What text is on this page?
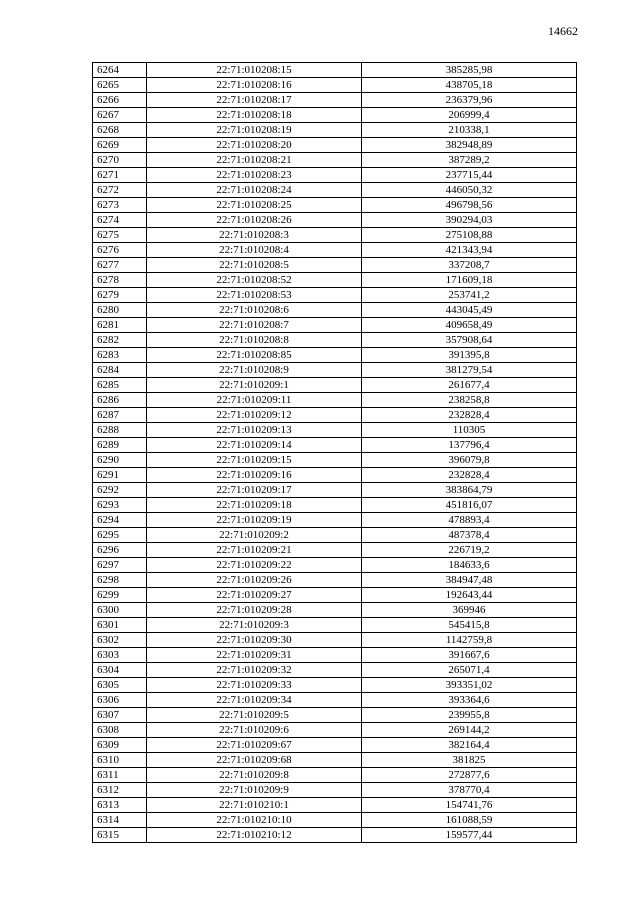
14662
6264	22:71:010208:15	385285,98
6265	22:71:010208:16	438705,18
6266	22:71:010208:17	236379,96
6267	22:71:010208:18	206999,4
6268	22:71:010208:19	210338,1
6269	22:71:010208:20	382948,89
6270	22:71:010208:21	387289,2
6271	22:71:010208:23	237715,44
6272	22:71:010208:24	446050,32
6273	22:71:010208:25	496798,56
6274	22:71:010208:26	390294,03
6275	22:71:010208:3	275108,88
6276	22:71:010208:4	421343,94
6277	22:71:010208:5	337208,7
6278	22:71:010208:52	171609,18
6279	22:71:010208:53	253741,2
6280	22:71:010208:6	443045,49
6281	22:71:010208:7	409658,49
6282	22:71:010208:8	357908,64
6283	22:71:010208:85	391395,8
6284	22:71:010208:9	381279,54
6285	22:71:010209:1	261677,4
6286	22:71:010209:11	238258,8
6287	22:71:010209:12	232828,4
6288	22:71:010209:13	110305
6289	22:71:010209:14	137796,4
6290	22:71:010209:15	396079,8
6291	22:71:010209:16	232828,4
6292	22:71:010209:17	383864,79
6293	22:71:010209:18	451816,07
6294	22:71:010209:19	478893,4
6295	22:71:010209:2	487378,4
6296	22:71:010209:21	226719,2
6297	22:71:010209:22	184633,6
6298	22:71:010209:26	384947,48
6299	22:71:010209:27	192643,44
6300	22:71:010209:28	369946
6301	22:71:010209:3	545415,8
6302	22:71:010209:30	1142759,8
6303	22:71:010209:31	391667,6
6304	22:71:010209:32	265071,4
6305	22:71:010209:33	393351,02
6306	22:71:010209:34	393364,6
6307	22:71:010209:5	239955,8
6308	22:71:010209:6	269144,2
6309	22:71:010209:67	382164,4
6310	22:71:010209:68	381825
6311	22:71:010209:8	272877,6
6312	22:71:010209:9	378770,4
6313	22:71:010210:1	154741,76
6314	22:71:010210:10	161088,59
6315	22:71:010210:12	159577,44
